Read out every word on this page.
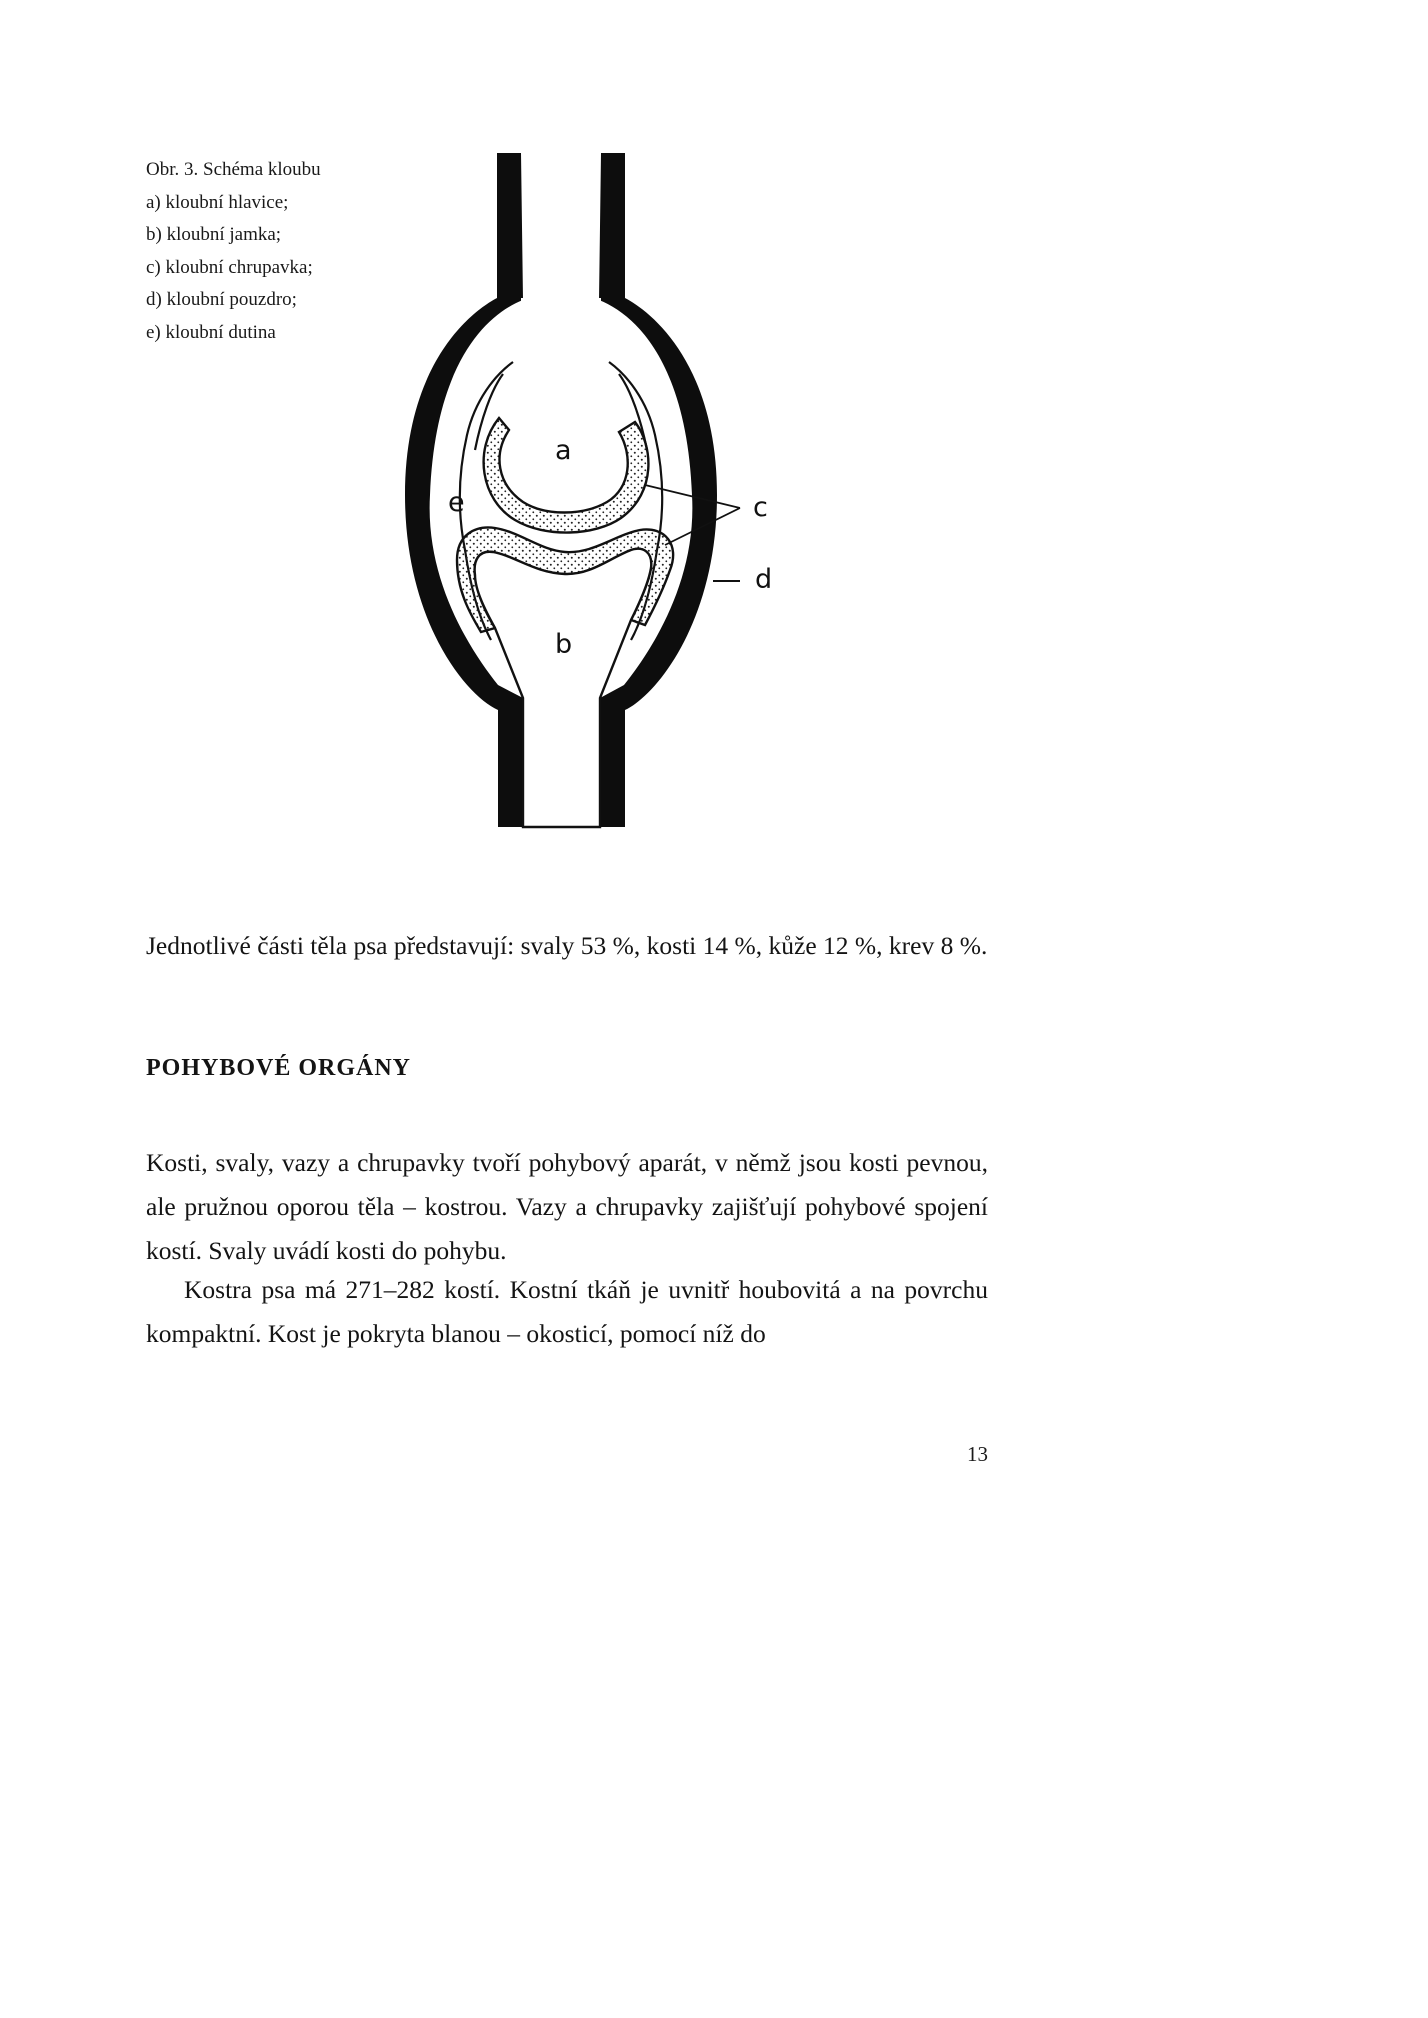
Obr. 3. Schéma kloubu
a) kloubní hlavice;
b) kloubní jamka;
c) kloubní chrupavka;
d) kloubní pouzdro;
e) kloubní dutina
a
e	c
d
b
Jednotlivé části těla psa představují: svaly 53 %, kosti 14 %, kůže 12 %, krev 8 %.
POHYBOVÉ ORGÁNY
Kosti, svaly, vazy a chrupavky tvoří pohybový aparát, v němž jsou kosti pevnou, ale pružnou oporou těla – kostrou. Vazy a chrupavky zajišťují pohybové spojení kostí. Svaly uvádí kosti do pohybu.
Kostra psa má 271–282 kostí. Kostní tkáň je uvnitř houbovitá a na povrchu kompaktní. Kost je pokryta blanou – okosticí, pomocí níž do
13
